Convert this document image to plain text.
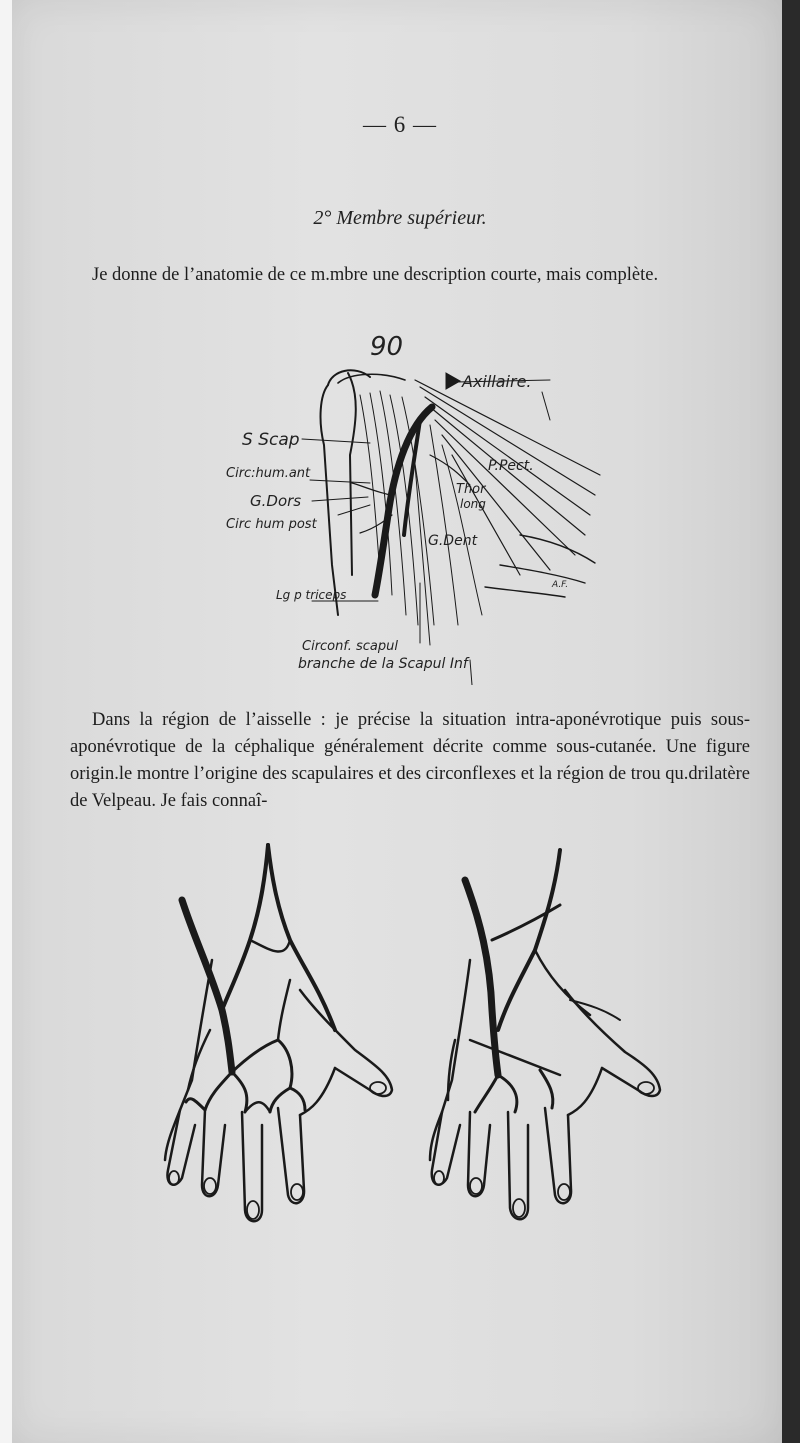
— 6 —
2° Membre supérieur.

Je donne de l’anatomie de ce m.mbre une description courte, mais complète.

90
Axillaire.
S Scap
Circ:hum.ant
G.Dors
Circ hum post
P.Pect.
Thor
long
G.Dent
A.F.
Lg p triceps
Circonf. scapul
branche de la Scapul Inf

Dans la région de l’aisselle : je précise la situation intra-aponévrotique puis sous-aponévrotique de la céphalique généralement décrite comme sous-cutanée. Une figure origin.le montre l’origine des scapulaires et des circonflexes et la région de trou qu.drilatère de Velpeau. Je fais connaî-
